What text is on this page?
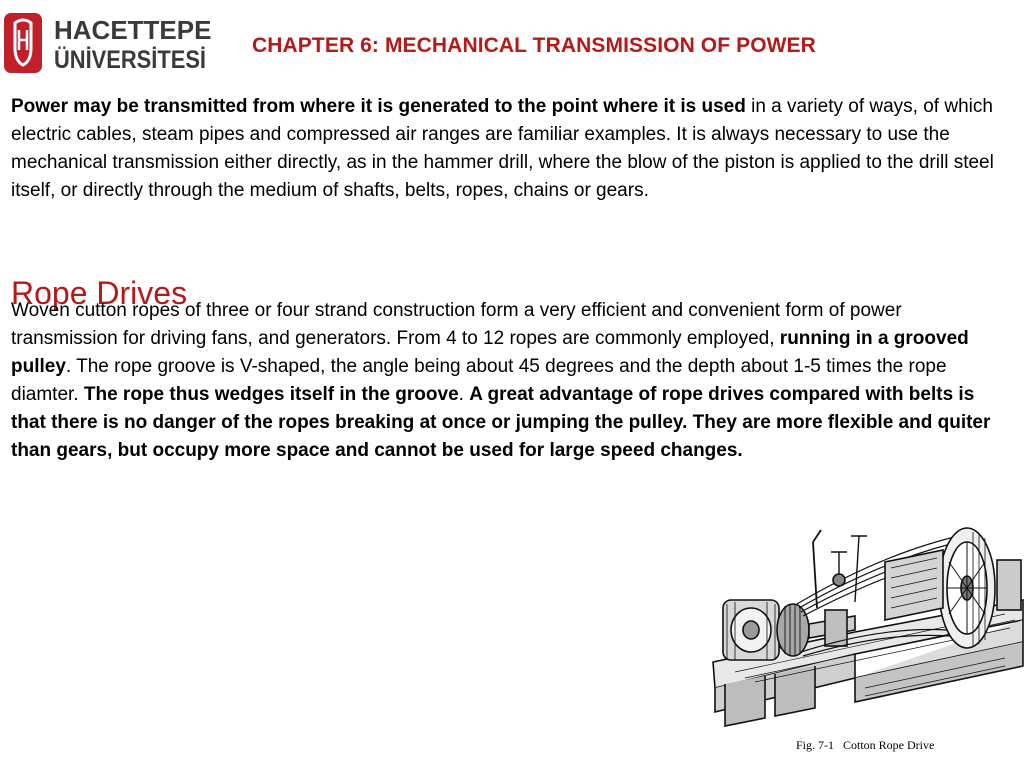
HACETTEPE
ÜNİVERSİTESİ
CHAPTER 6: MECHANICAL TRANSMISSION OF POWER

Power may be transmitted from where it is generated to the point where it is used in a variety of ways, of which electric cables, steam pipes and compressed air ranges are familiar examples. It is always necessary to use the mechanical transmission either directly, as in the hammer drill, where the blow of the piston is applied to the drill steel itself, or directly through the medium of shafts, belts, ropes, chains or gears.

Rope Drives

Woven cutton ropes of three or four strand construction form a very efficient and convenient form of power transmission for driving fans, and generators. From 4 to 12 ropes are commonly employed, running in a grooved pulley. The rope groove is V-shaped, the angle being about 45 degrees and the depth about 1-5 times the rope diamter. The rope thus wedges itself in the groove. A great advantage of rope drives compared with belts is that there is no danger of the ropes breaking at once or jumping the pulley. They are more flexible and quiter than gears, but occupy more space and cannot be used for large speed changes.

Fig. 7-1   Cotton Rope Drive
